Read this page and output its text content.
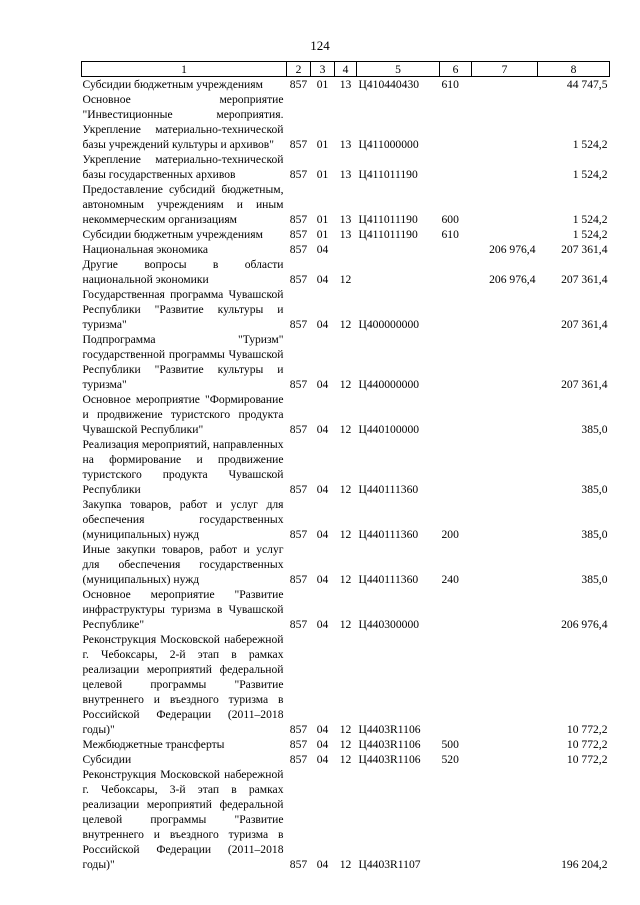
124
1	2	3	4	5	6	7	8
Субсидии бюджетным учреждениям	857	01	13	Ц410440430	610		44 747,5
Основное мероприятие "Инвестиционные мероприятия. Укрепление материально-технической базы учреждений культуры и архивов"	857	01	13	Ц411000000			1 524,2
Укрепление материально-технической базы государственных архивов	857	01	13	Ц411011190			1 524,2
Предоставление субсидий бюджетным, автономным учреждениям и иным некоммерческим организациям	857	01	13	Ц411011190	600		1 524,2
Субсидии бюджетным учреждениям	857	01	13	Ц411011190	610		1 524,2
Национальная экономика	857	04				206 976,4	207 361,4
Другие вопросы в области национальной экономики	857	04	12			206 976,4	207 361,4
Государственная программа Чувашской Республики "Развитие культуры и туризма"	857	04	12	Ц400000000			207 361,4
Подпрограмма "Туризм" государственной программы Чувашской Республики "Развитие культуры и туризма"	857	04	12	Ц440000000			207 361,4
Основное мероприятие "Формирование и продвижение туристского продукта Чувашской Республики"	857	04	12	Ц440100000			385,0
Реализация мероприятий, направленных на формирование и продвижение туристского продукта Чувашской Республики	857	04	12	Ц440111360			385,0
Закупка товаров, работ и услуг для обеспечения государственных (муниципальных) нужд	857	04	12	Ц440111360	200		385,0
Иные закупки товаров, работ и услуг для обеспечения государственных (муниципальных) нужд	857	04	12	Ц440111360	240		385,0
Основное мероприятие "Развитие инфраструктуры туризма в Чувашской Республике"	857	04	12	Ц440300000			206 976,4
Реконструкция Московской набережной г. Чебоксары, 2-й этап в рамках реализации мероприятий федеральной целевой программы "Развитие внутреннего и въездного туризма в Российской Федерации (2011–2018 годы)"	857	04	12	Ц4403R1106			10 772,2
Межбюджетные трансферты	857	04	12	Ц4403R1106	500		10 772,2
Субсидии	857	04	12	Ц4403R1106	520		10 772,2
Реконструкция Московской набережной г. Чебоксары, 3-й этап в рамках реализации мероприятий федеральной целевой программы "Развитие внутреннего и въездного туризма в Российской Федерации (2011–2018 годы)"	857	04	12	Ц4403R1107			196 204,2
